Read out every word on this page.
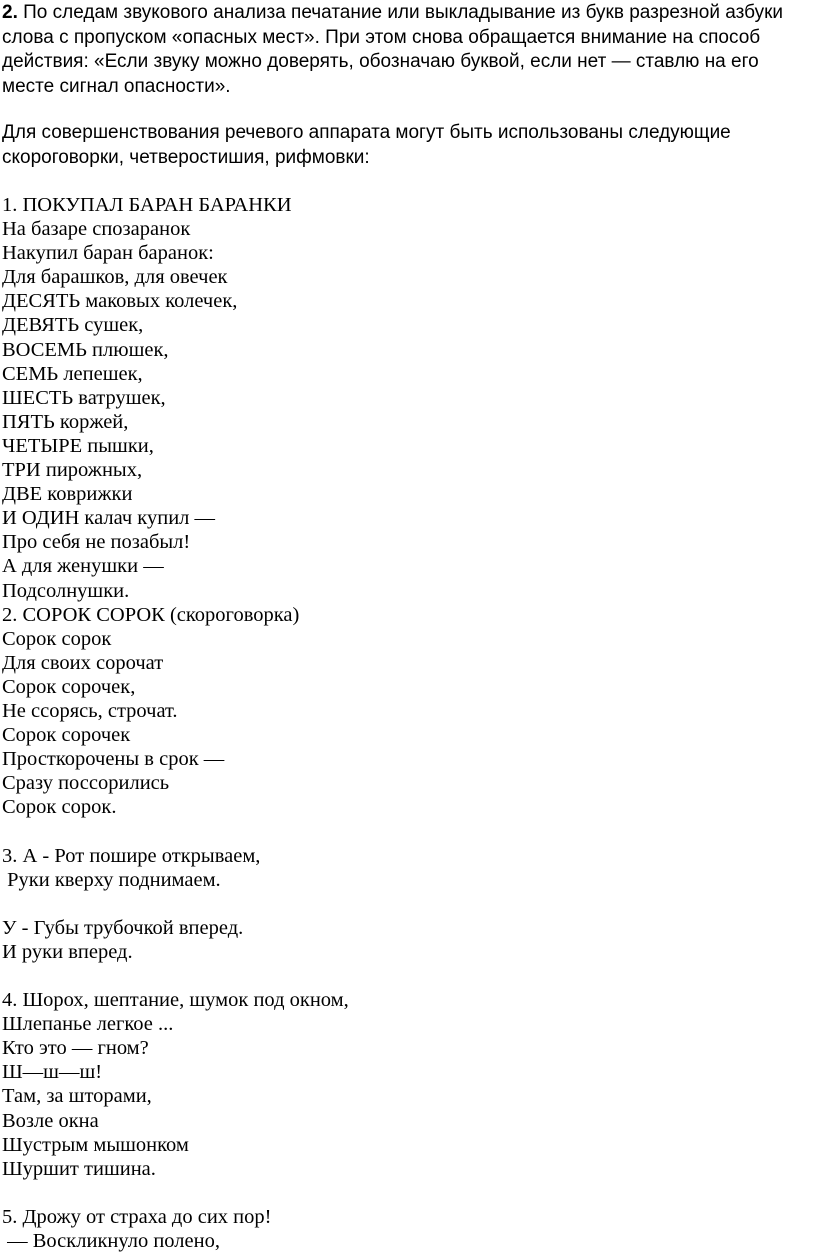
2. По следам звукового анализа печатание или выкладывание из букв разрезной азбуки
слова с пропуском «опасных мест». При этом снова обращается внимание на способ
действия: «Если звуку можно доверять, обозначаю буквой, если нет — ставлю на его
месте сигнал опасности».
Для совершенствования речевого аппарата могут быть использованы следующие
скороговорки, четверостишия, рифмовки:
1. ПОКУПАЛ БАРАН БАРАНКИ
На базаре спозаранок
Накупил баран баранок:
Для барашков, для овечек
ДЕСЯТЬ маковых колечек,
ДЕВЯТЬ сушек,
ВОСЕМЬ плюшек,
СЕМЬ лепешек,
ШЕСТЬ ватрушек,
ПЯТЬ коржей,
ЧЕТЫРЕ пышки,
ТРИ пирожных,
ДВЕ коврижки
И ОДИН калач купил —
Про себя не позабыл!
А для женушки —
Подсолнушки.
2. СОРОК СОРОК (скороговорка)
Сорок сорок
Для своих сорочат
Сорок сорочек,
Не ссорясь, строчат.
Сорок сорочек
Просткорочены в срок —
Сразу поссорились
Сорок сорок.
3. А - Рот пошире открываем,
Руки кверху поднимаем.
У - Губы трубочкой вперед.
И руки вперед.
4. Шорох, шептание, шумок под окном,
Шлепанье легкое ...
Кто это — гном?
Ш—ш—ш!
Там, за шторами,
Возле окна
Шустрым мышонком
Шуршит тишина.
5. Дрожу от страха до сих пор!
— Воскликнуло полено,
